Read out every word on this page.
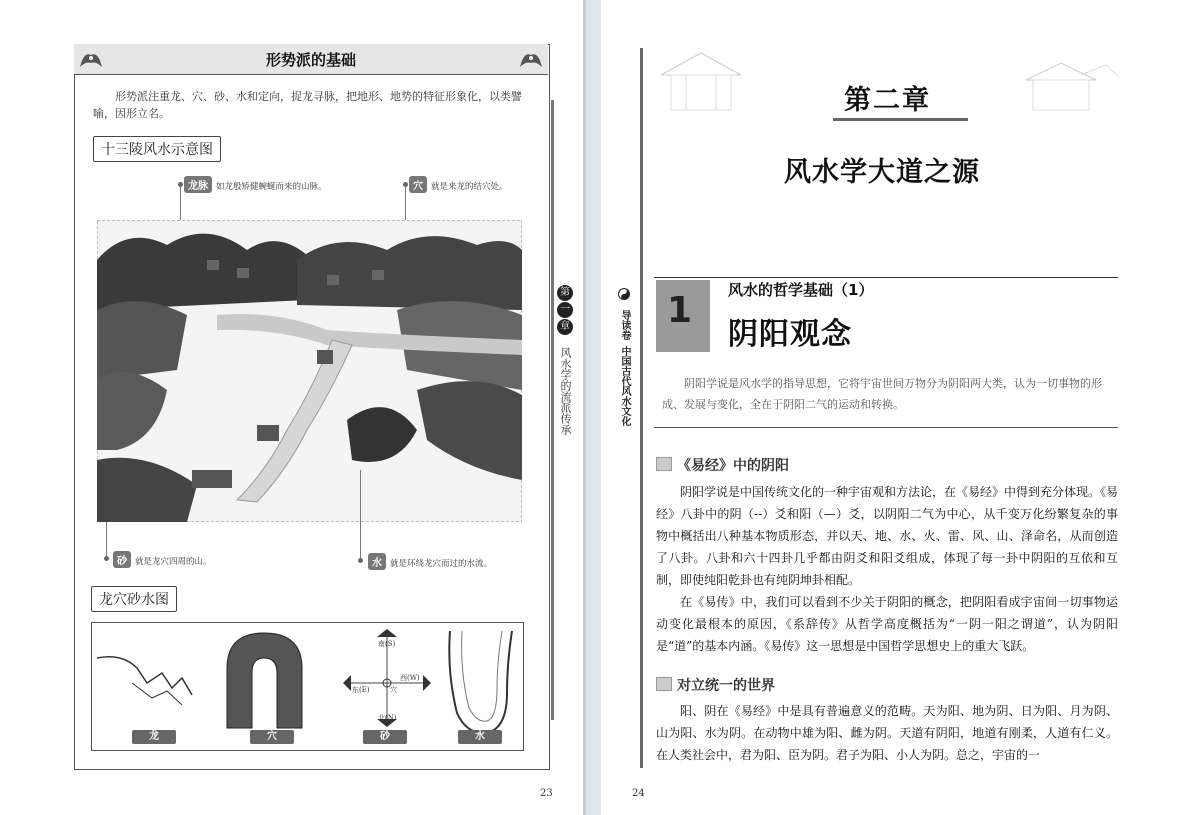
形势派的基础
形势派注重龙、穴、砂、水和定向，捉龙寻脉，把地形、地势的特征形象化，以类譬喻，因形立名。
十三陵风水示意图
龙脉 如龙般矫健蜿蜒而来的山脉。	穴 就是来龙的结穴处。
砂 就是龙穴四周的山。	水 就是环绕龙穴而过的水流。
龙穴砂水图
南(S)
北(N)
东(E)
西(W)
穴
龙	穴	砂	水
第
一
章
风水学的流派传承
23
导读卷
中国古代风水文化
第二章
风水学大道之源
1 风水的哲学基础（1）
阴阳观念
阴阳学说是风水学的指导思想，它将宇宙世间万物分为阴阳两大类，认为一切事物的形成、发展与变化，全在于阴阳二气的运动和转换。
《易经》中的阴阳

阴阳学说是中国传统文化的一种宇宙观和方法论，在《易经》中得到充分体现。《易经》八卦中的阴（--）爻和阳（—）爻，以阴阳二气为中心，从千变万化纷繁复杂的事物中概括出八种基本物质形态，并以天、地、水、火、雷、风、山、泽命名，从而创造了八卦。八卦和六十四卦几乎都由阴爻和阳爻组成，体现了每一卦中阴阳的互依和互制，即使纯阳乾卦也有纯阴坤卦相配。

在《易传》中，我们可以看到不少关于阴阳的概念，把阴阳看成宇宙间一切事物运动变化最根本的原因，《系辞传》从哲学高度概括为“一阴一阳之谓道”，认为阴阳是“道”的基本内涵。《易传》这一思想是中国哲学思想史上的重大飞跃。

对立统一的世界

阳、阴在《易经》中是具有普遍意义的范畴。天为阳、地为阴、日为阳、月为阴、山为阳、水为阴。在动物中雄为阳、雌为阴。天道有阴阳，地道有刚柔，人道有仁义。在人类社会中，君为阳、臣为阴。君子为阳、小人为阴。总之，宇宙的一

24
